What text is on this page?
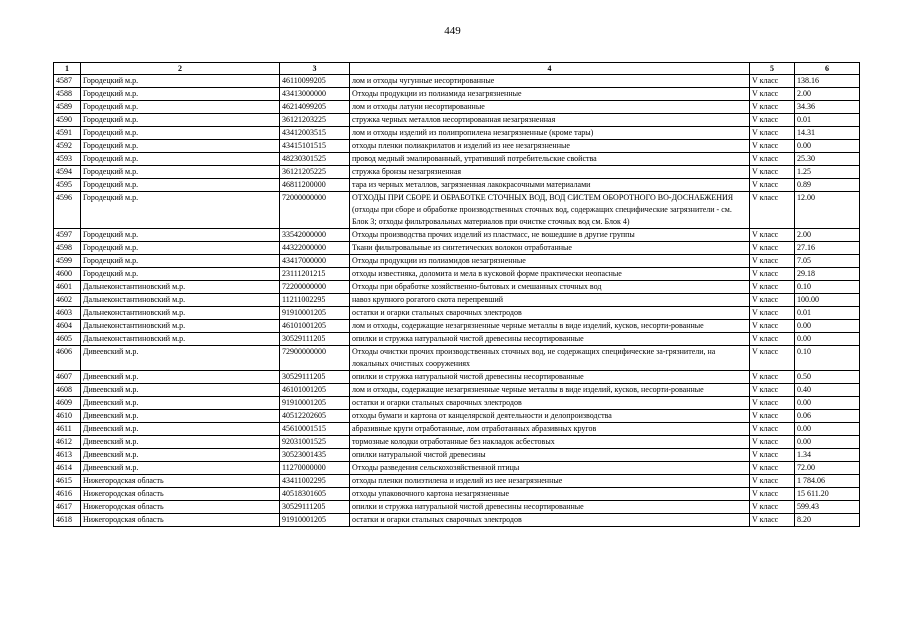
449
1	2	3	4	5	6
4587	Городецкий м.р.	46110099205	лом и отходы чугунные несортированные	V класс	138.16
4588	Городецкий м.р.	43413000000	Отходы продукции из полиамида незагрязненные	V класс	2.00
4589	Городецкий м.р.	46214099205	лом и отходы латуни несортированные	V класс	34.36
4590	Городецкий м.р.	36121203225	стружка черных металлов несортированная незагрязненная	V класс	0.01
4591	Городецкий м.р.	43412003515	лом и отходы изделий из полипропилена незагрязненные (кроме тары)	V класс	14.31
4592	Городецкий м.р.	43415101515	отходы пленки полиакрилатов и изделий из нее незагрязненные	V класс	0.00
4593	Городецкий м.р.	48230301525	провод медный эмалированный, утративший потребительские свойства	V класс	25.30
4594	Городецкий м.р.	36121205225	стружка бронзы незагрязненная	V класс	1.25
4595	Городецкий м.р.	46811200000	тара из черных металлов, загрязненная лакокрасочными материалами	V класс	0.89
4596	Городецкий м.р.	72000000000	ОТХОДЫ ПРИ СБОРЕ И ОБРАБОТКЕ СТОЧНЫХ ВОД, ВОД СИСТЕМ ОБОРОТНОГО ВО-ДОСНАБЖЕНИЯ (отходы при сборе и обработке производственных сточных вод, содержащих специфические загрязнители - см. Блок 3; отходы фильтровальных материалов при очистке сточных вод см. Блок 4)	V класс	12.00
4597	Городецкий м.р.	33542000000	Отходы производства прочих изделий из пластмасс, не вошедшие в другие группы	V класс	2.00
4598	Городецкий м.р.	44322000000	Ткани фильтровальные из синтетических волокон отработанные	V класс	27.16
4599	Городецкий м.р.	43417000000	Отходы продукции из полиамидов незагрязненные	V класс	7.05
4600	Городецкий м.р.	23111201215	отходы известняка, доломита и мела в кусковой форме практически неопасные	V класс	29.18
4601	Дальнеконстантиновский м.р.	72200000000	Отходы при обработке хозяйственно-бытовых и смешанных сточных вод	V класс	0.10
4602	Дальнеконстантиновский м.р.	11211002295	навоз крупного рогатого скота перепревший	V класс	100.00
4603	Дальнеконстантиновский м.р.	91910001205	остатки и огарки стальных сварочных электродов	V класс	0.01
4604	Дальнеконстантиновский м.р.	46101001205	лом и отходы, содержащие незагрязненные черные металлы в виде изделий, кусков, несорти-рованные	V класс	0.00
4605	Дальнеконстантиновский м.р.	30529111205	опилки и стружка натуральной чистой древесины несортированные	V класс	0.00
4606	Дивеевский м.р.	72900000000	Отходы очистки прочих производственных сточных вод, не содержащих специфические за-грязнители, на локальных очистных сооружениях	V класс	0.10
4607	Дивеевский м.р.	30529111205	опилки и стружка натуральной чистой древесины несортированные	V класс	0.50
4608	Дивеевский м.р.	46101001205	лом и отходы, содержащие незагрязненные черные металлы в виде изделий, кусков, несорти-рованные	V класс	0.40
4609	Дивеевский м.р.	91910001205	остатки и огарки стальных сварочных электродов	V класс	0.00
4610	Дивеевский м.р.	40512202605	отходы бумаги и картона от канцелярской деятельности и делопроизводства	V класс	0.06
4611	Дивеевский м.р.	45610001515	абразивные круги отработанные, лом отработанных абразивных кругов	V класс	0.00
4612	Дивеевский м.р.	92031001525	тормозные колодки отработанные без накладок асбестовых	V класс	0.00
4613	Дивеевский м.р.	30523001435	опилки натуральной чистой древесины	V класс	1.34
4614	Дивеевский м.р.	11270000000	Отходы разведения сельскохозяйственной птицы	V класс	72.00
4615	Нижегородская область	43411002295	отходы пленки полиэтилена и изделий из нее незагрязненные	V класс	1 784.06
4616	Нижегородская область	40518301605	отходы упаковочного картона незагрязненные	V класс	15 611.20
4617	Нижегородская область	30529111205	опилки и стружка натуральной чистой древесины несортированные	V класс	599.43
4618	Нижегородская область	91910001205	остатки и огарки стальных сварочных электродов	V класс	8.20
